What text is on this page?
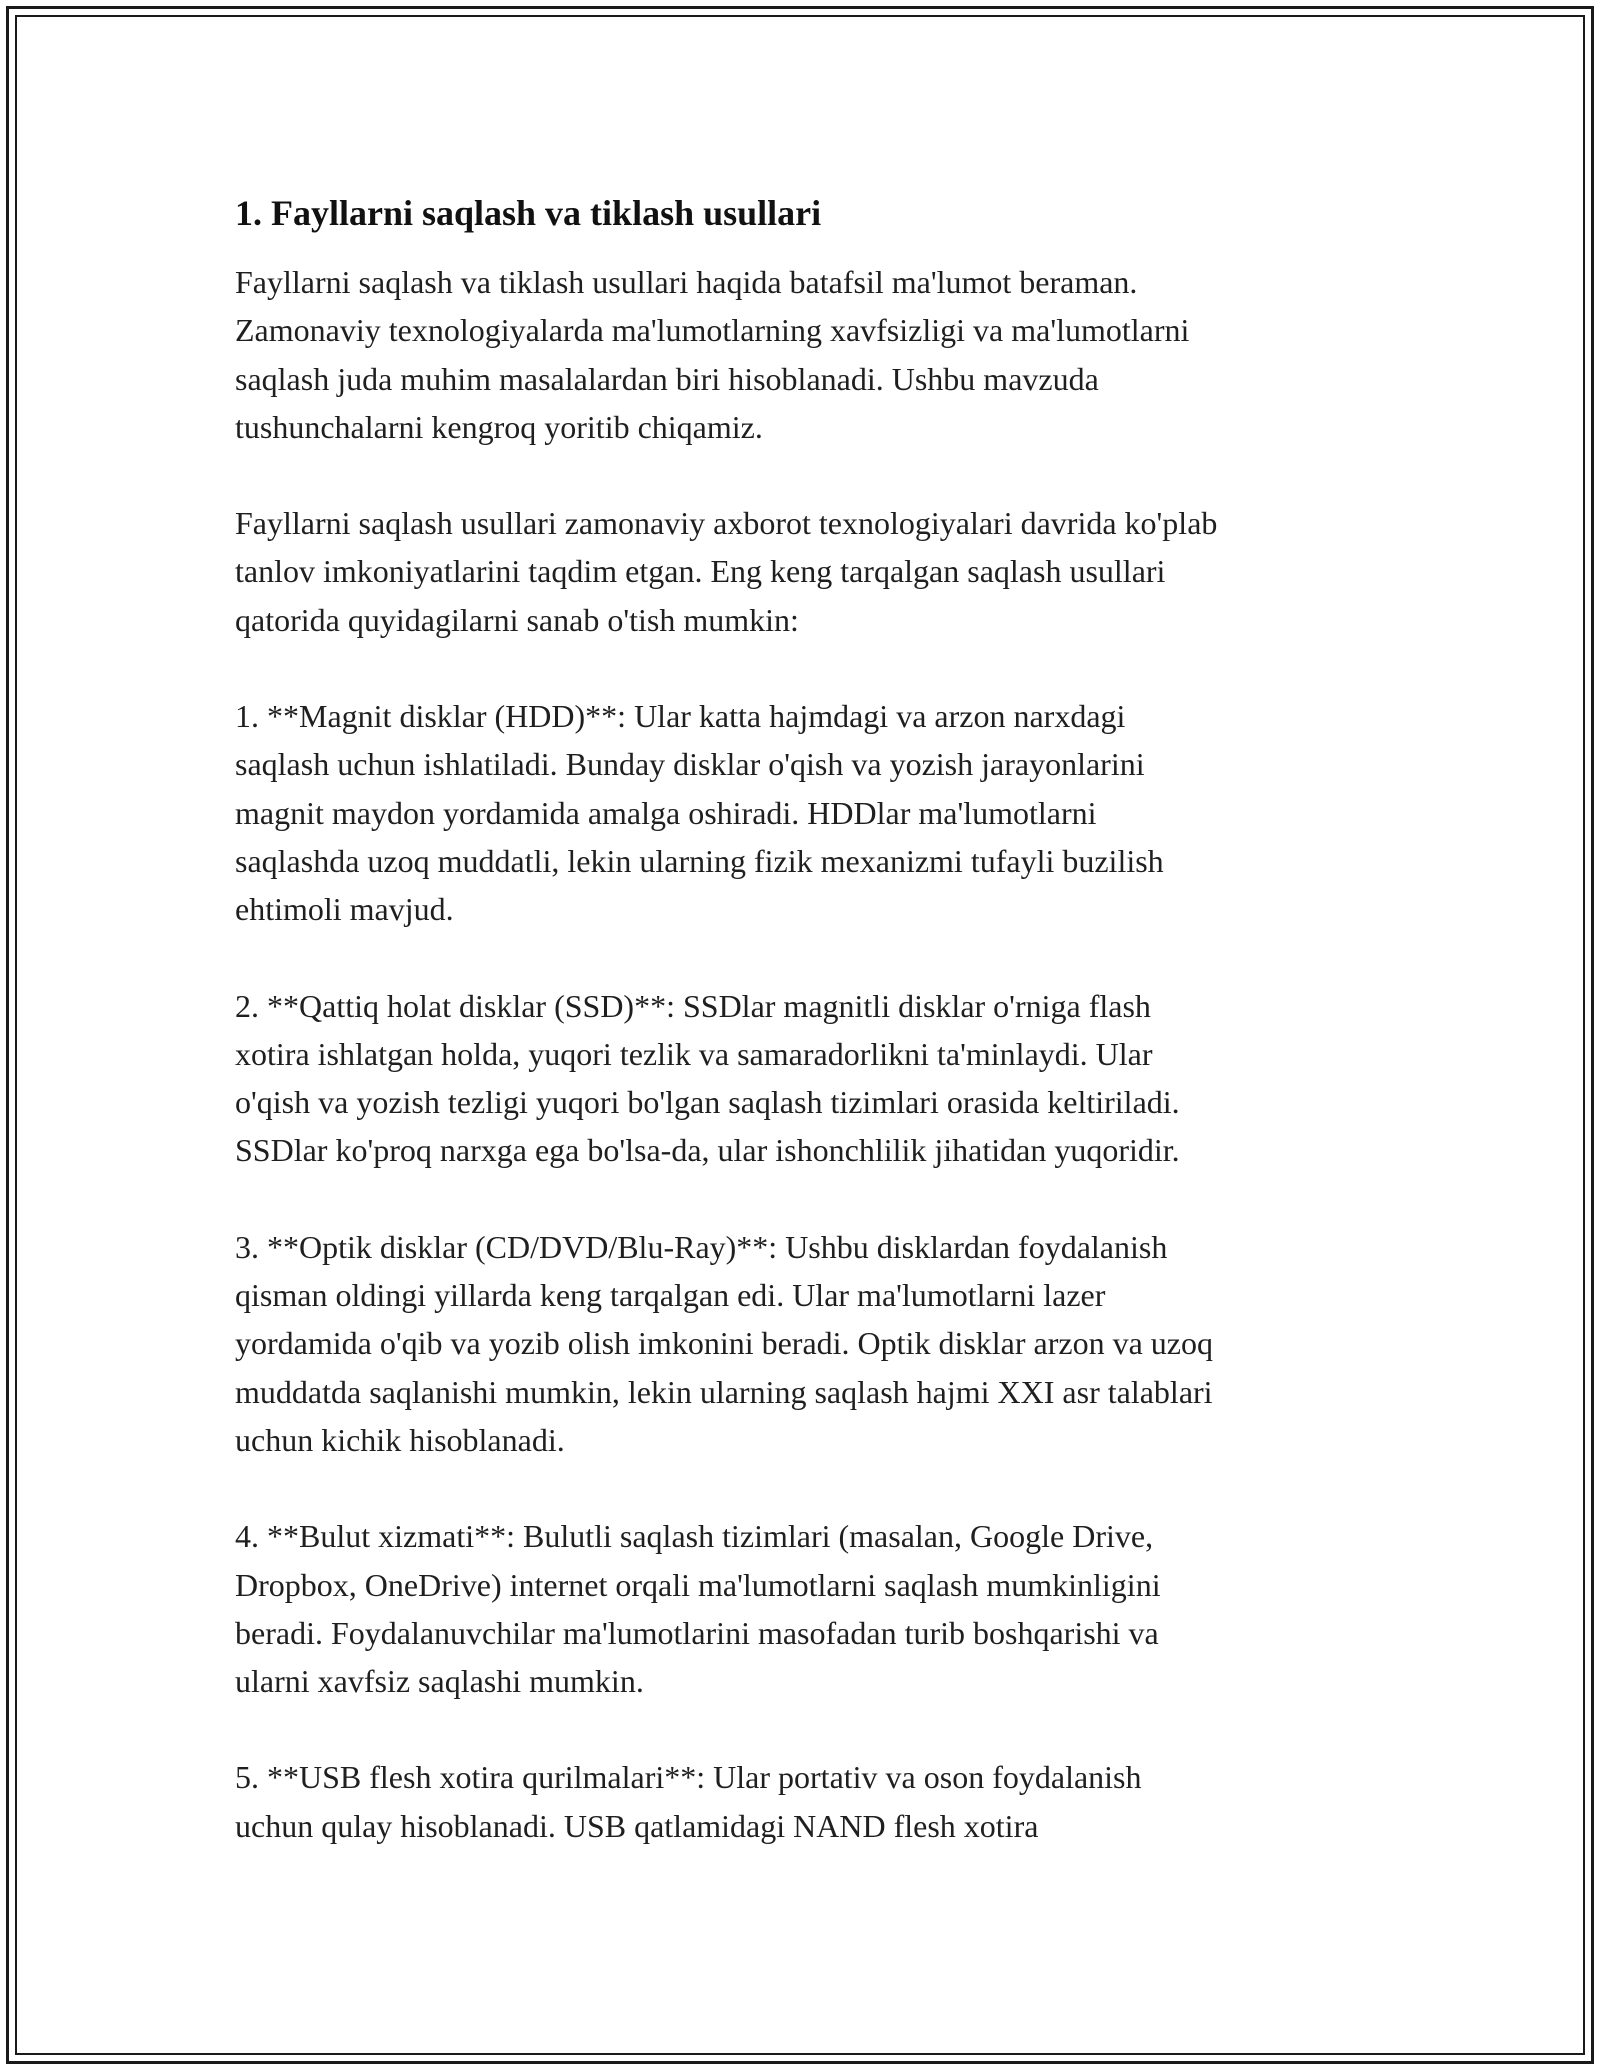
1. Fayllarni saqlash va tiklash usullari

Fayllarni saqlash va tiklash usullari haqida batafsil ma'lumot beraman.
Zamonaviy texnologiyalarda ma'lumotlarning xavfsizligi va ma'lumotlarni
saqlash juda muhim masalalardan biri hisoblanadi. Ushbu mavzuda
tushunchalarni kengroq yoritib chiqamiz.

Fayllarni saqlash usullari zamonaviy axborot texnologiyalari davrida ko'plab
tanlov imkoniyatlarini taqdim etgan. Eng keng tarqalgan saqlash usullari
qatorida quyidagilarni sanab o'tish mumkin:

1. **Magnit disklar (HDD)**: Ular katta hajmdagi va arzon narxdagi
saqlash uchun ishlatiladi. Bunday disklar o'qish va yozish jarayonlarini
magnit maydon yordamida amalga oshiradi. HDDlar ma'lumotlarni
saqlashda uzoq muddatli, lekin ularning fizik mexanizmi tufayli buzilish
ehtimoli mavjud.

2. **Qattiq holat disklar (SSD)**: SSDlar magnitli disklar o'rniga flash
xotira ishlatgan holda, yuqori tezlik va samaradorlikni ta'minlaydi. Ular
o'qish va yozish tezligi yuqori bo'lgan saqlash tizimlari orasida keltiriladi.
SSDlar ko'proq narxga ega bo'lsa-da, ular ishonchlilik jihatidan yuqoridir.

3. **Optik disklar (CD/DVD/Blu-Ray)**: Ushbu disklardan foydalanish
qisman oldingi yillarda keng tarqalgan edi. Ular ma'lumotlarni lazer
yordamida o'qib va yozib olish imkonini beradi. Optik disklar arzon va uzoq
muddatda saqlanishi mumkin, lekin ularning saqlash hajmi XXI asr talablari
uchun kichik hisoblanadi.

4. **Bulut xizmati**: Bulutli saqlash tizimlari (masalan, Google Drive,
Dropbox, OneDrive) internet orqali ma'lumotlarni saqlash mumkinligini
beradi. Foydalanuvchilar ma'lumotlarini masofadan turib boshqarishi va
ularni xavfsiz saqlashi mumkin.

5. **USB flesh xotira qurilmalari**: Ular portativ va oson foydalanish
uchun qulay hisoblanadi. USB qatlamidagi NAND flesh xotira
